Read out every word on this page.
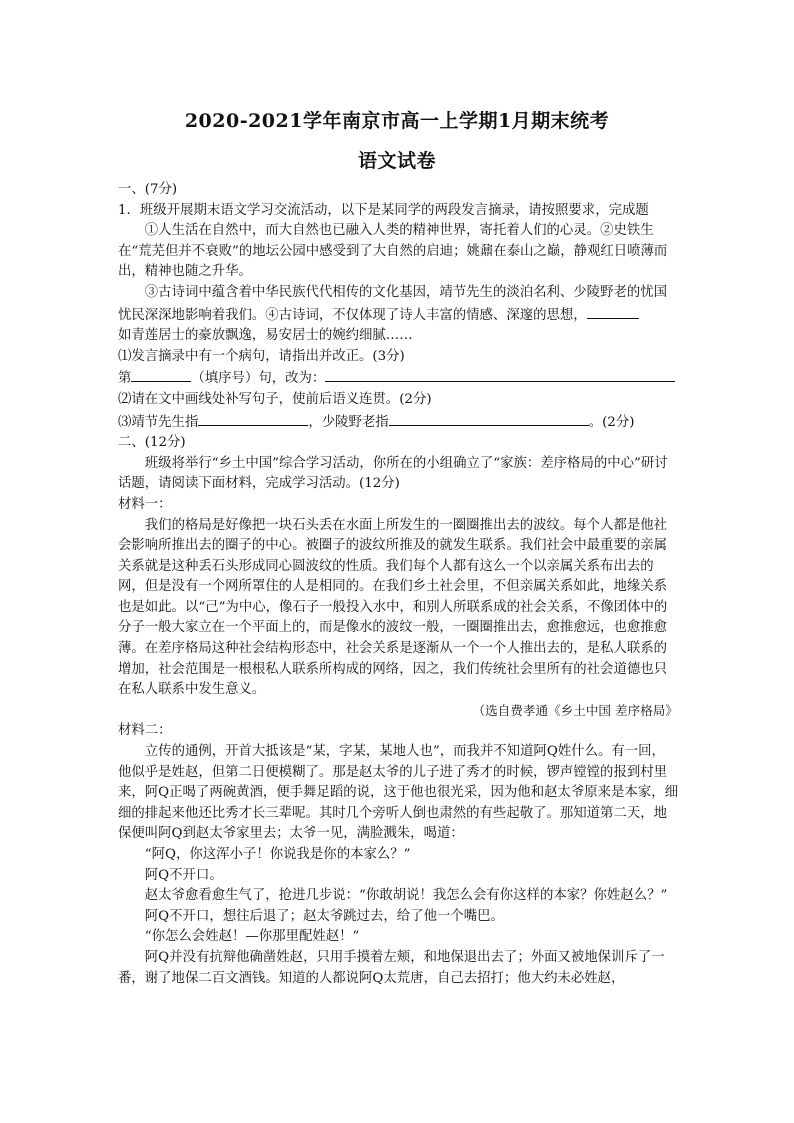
2020-2021学年南京市高一上学期1月期末统考
语文试卷

一、(7分)

1．班级开展期末语文学习交流活动，以下是某同学的两段发言摘录，请按照要求，完成题

①人生活在自然中，而大自然也已融入人类的精神世界，寄托着人们的心灵。②史铁生在“荒芜但并不衰败”的地坛公园中感受到了大自然的启迪；姚鼐在泰山之巅，静观红日喷薄而出，精神也随之升华。

③古诗词中蕴含着中华民族代代相传的文化基因，靖节先生的淡泊名利、少陵野老的忧国忧民深深地影响着我们。④古诗词，不仅体现了诗人丰富的情感、深邃的思想，
如青莲居士的豪放飘逸，易安居士的婉约细腻……

⑴发言摘录中有一个病句，请指出并改正。(3分)

第	（填序号）句，改为：

⑵请在文中画线处补写句子，使前后语义连贯。(2分)

⑶靖节先生指	，少陵野老指	。(2分)

二、(12分)

班级将举行“乡土中国”综合学习活动，你所在的小组确立了“家族：差序格局的中心”研讨话题，请阅读下面材料，完成学习活动。(12分)

材料一：

我们的格局是好像把一块石头丢在水面上所发生的一圈圈推出去的波纹。每个人都是他社会影响所推出去的圈子的中心。被圈子的波纹所推及的就发生联系。我们社会中最重要的亲属关系就是这种丢石头形成同心圆波纹的性质。我们每个人都有这么一个以亲属关系布出去的网，但是没有一个网所罩住的人是相同的。在我们乡土社会里，不但亲属关系如此，地缘关系也是如此。以“己”为中心，像石子一般投入水中，和别人所联系成的社会关系，不像团体中的分子一般大家立在一个平面上的，而是像水的波纹一般，一圈圈推出去，愈推愈远，也愈推愈薄。在差序格局这种社会结构形态中，社会关系是逐渐从一个一个人推出去的，是私人联系的增加，社会范围是一根根私人联系所构成的网络，因之，我们传统社会里所有的社会道德也只在私人联系中发生意义。

（选自费孝通《乡土中国 差序格局》

材料二：

立传的通例，开首大抵该是“某，字某，某地人也”，而我并不知道阿Q姓什么。有一回，他似乎是姓赵，但第二日便模糊了。那是赵太爷的儿子进了秀才的时候，锣声镗镗的报到村里来，阿Q正喝了两碗黄酒，便手舞足蹈的说，这于他也很光采，因为他和赵太爷原来是本家，细细的排起来他还比秀才长三辈呢。其时几个旁听人倒也肃然的有些起敬了。那知道第二天，地保便叫阿Q到赵太爷家里去；太爷一见，满脸溅朱，喝道：

“阿Q，你这浑小子！你说我是你的本家么？”

阿Q不开口。

赵太爷愈看愈生气了，抢进几步说：“你敢胡说！我怎么会有你这样的本家？你姓赵么？”

阿Q不开口，想往后退了；赵太爷跳过去，给了他一个嘴巴。

“你怎么会姓赵！—你那里配姓赵！”

阿Q并没有抗辩他确凿姓赵，只用手摸着左颊，和地保退出去了；外面又被地保训斥了一番，谢了地保二百文酒钱。知道的人都说阿Q太荒唐，自己去招打；他大约未必姓赵，
